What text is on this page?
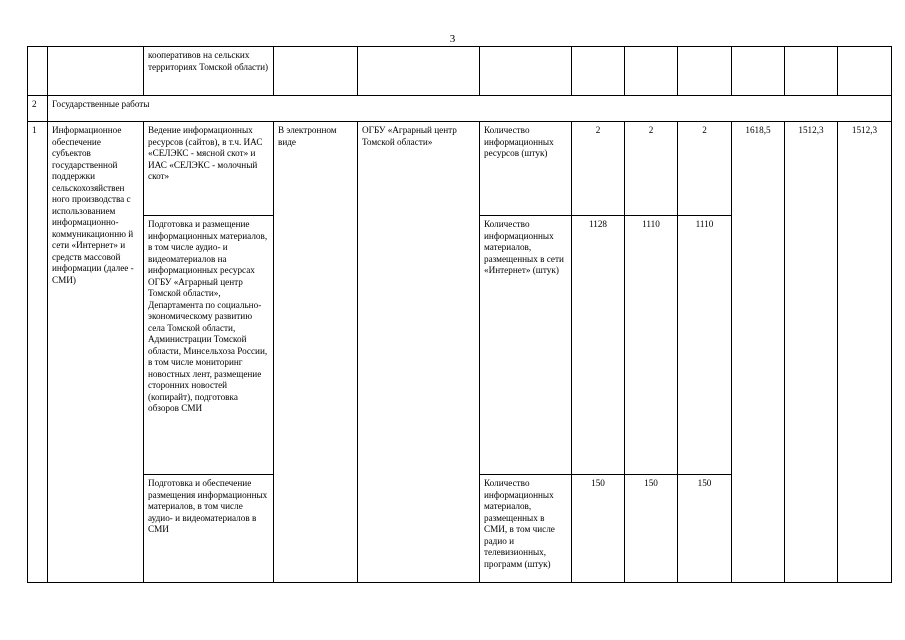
3
		кооперативов на сельских территориях Томской области)									
2	Государственные работы										
1	Информационное обеспечение субъектов государственной поддержки сельскохозяйствен ного производства с использованием информационно-коммуникационню й сети «Интернет» и средств массовой информации (далее - СМИ)	Ведение информационных ресурсов (сайтов), в т.ч. ИАС «СЕЛЭКС - мясной скот» и ИАС «СЕЛЭКС - молочный скот»	В электронном виде	ОГБУ «Аграрный центр Томской области»	Количество информационных ресурсов (штук)	2	2	2	1618,5	1512,3	1512,3
		Подготовка и размещение информационных материалов, в том числе аудио- и видеоматериалов на информационных ресурсах ОГБУ «Аграрный центр Томской области», Департамента по социально-экономическому развитию села Томской области, Администрации Томской области, Минсельхоза России, в том числе мониторинг новостных лент, размещение сторонних новостей (копирайт), подготовка обзоров СМИ			Количество информационных материалов, размещенных в сети «Интернет» (штук)	1128	1110	1110			
		Подготовка и обеспечение размещения информационных материалов, в том числе аудио- и видеоматериалов в СМИ			Количество информационных материалов, размещенных в СМИ, в том числе радио и телевизионных, программ (штук)	150	150	150			
